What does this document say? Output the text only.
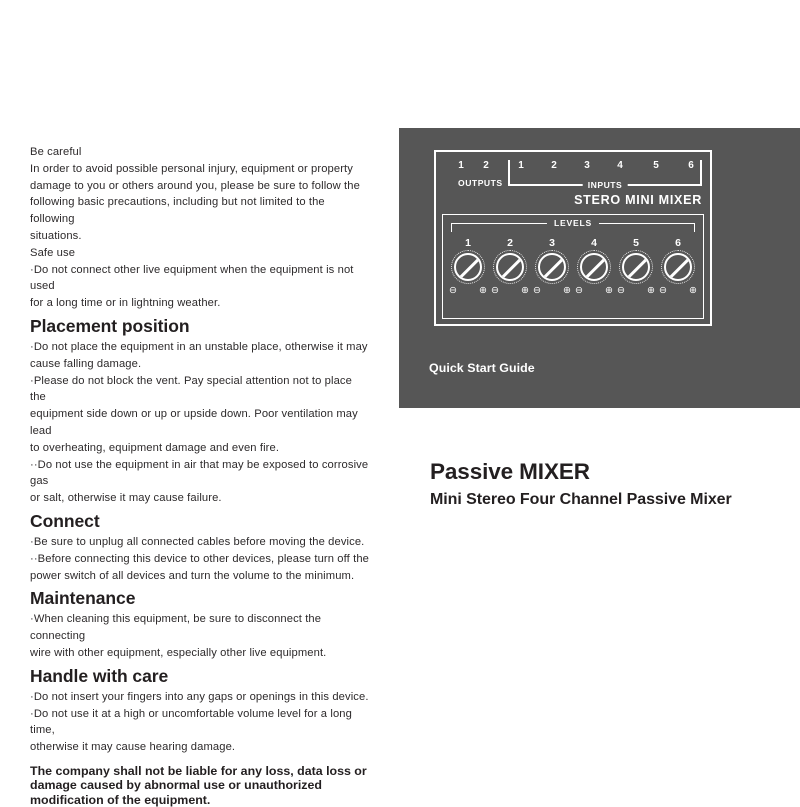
Be careful
In order to avoid possible personal injury, equipment or property
damage to you or others around you, please be sure to follow the
following basic precautions, including but not limited to the following
situations.
Safe use
·Do not connect other live equipment when the equipment is not used
for a long time or in lightning weather.
Placement position
·Do not place the equipment in an unstable place, otherwise it may
cause falling damage.
·Please do not block the vent. Pay special attention not to place the
equipment side down or up or upside down. Poor ventilation may lead
to overheating, equipment damage and even fire.
··Do not use the equipment in air that may be exposed to corrosive gas
or salt, otherwise it may cause failure.
Connect
·Be sure to unplug all connected cables before moving the device.
··Before connecting this device to other devices, please turn off the
power switch of all devices and turn the volume to the minimum.
Maintenance
·When cleaning this equipment, be sure to disconnect the connecting
wire with other equipment, especially other live equipment.
Handle with care
·Do not insert your fingers into any gaps or openings in this device.
·Do not use it at a high or uncomfortable volume level for a long time,
otherwise it may cause hearing damage.
The company shall not be liable for any loss, data loss or damage caused by abnormal use or unauthorized modification of the equipment.
1 2
OUTPUTS	INPUTS
1	2	3	4	5	6
STERO MINI MIXER
LEVELS
1
⊖ ⊕
2
⊖ ⊕
3
⊖ ⊕
4
⊖ ⊕
5
⊖ ⊕
6
⊖ ⊕
Quick Start Guide
Passive MIXER
Mini Stereo Four Channel Passive Mixer
